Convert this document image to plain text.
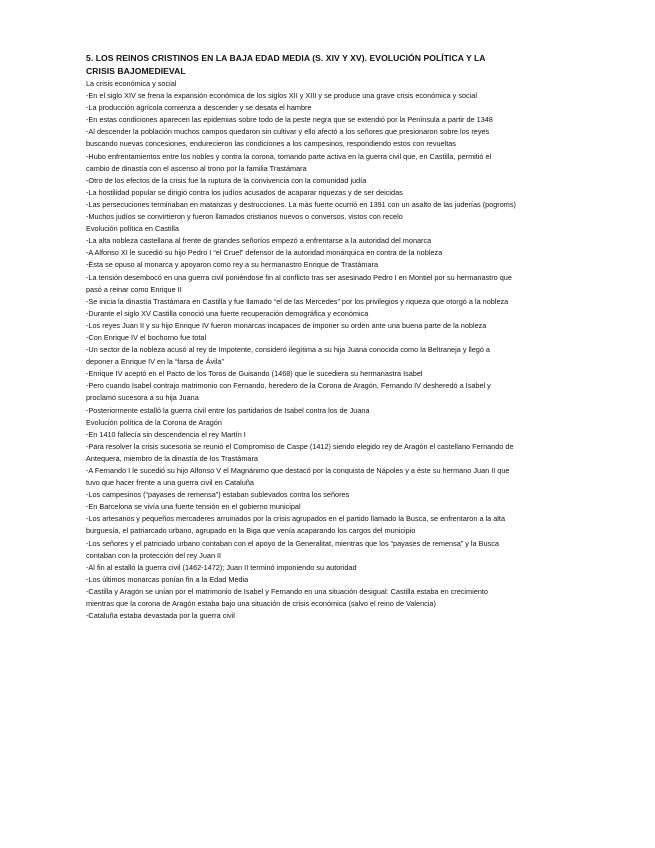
5. LOS REINOS CRISTINOS EN LA BAJA EDAD MEDIA (S. XIV Y XV). EVOLUCIÓN POLÍTICA Y LA CRISIS BAJOMEDIEVAL
La crisis económica y social
-En el siglo XIV se frena la expansión económica de los siglos XII y XIII y se produce una grave crisis económica y social
-La producción agrícola comienza a descender y se desata el hambre
-En estas condiciones aparecen las epidemias sobre todo de la peste negra que se extendió por la Península a partir de 1348
-Al descender la población muchos campos quedaron sin cultivar y ello afectó a los señores que presionaron sobre los reyes buscando nuevas concesiones, endurecieron las condiciones a los campesinos, respondiendo estos con revueltas
-Hubo enfrentamientos entre los nobles y contra la corona, tomando parte activa en la guerra civil que, en Castilla, permitió el cambio de dinastía con el ascenso al trono por la familia Trastámara
-Otro de los efectos de la crisis fue la ruptura de la convivencia con la comunidad judía
-La hostilidad popular se dirigió contra los judíos acusados de acaparar riquezas y de ser deicidas
-Las persecuciones terminaban en matanzas y destrucciones. La más fuerte ocurrió en 1391 con un asalto de las juderías (pogroms)
-Muchos judíos se convirtieron y fueron llamados cristianos nuevos o conversos, vistos con recelo
Evolución política en Castilla
-La alta nobleza castellana al frente de grandes señoríos empezó a enfrentarse a la autoridad del monarca
-A Alfonso XI le sucedió su hijo Pedro I “el Cruel” defensor de la autoridad monárquica en contra de la nobleza
-Ésta se opuso al monarca y apoyaron como rey a su hermanastro Enrique de Trastámara
-La tensión desembocó en una guerra civil poniéndose fin al conflicto tras ser asesinado Pedro I en Montiel por su hermanastro que pasó a reinar como Enrique II
-Se inicia la dinastía Trastámara en Castilla y fue llamado “el de las Mercedes” por los privilegios y riqueza que otorgó a la nobleza
-Durante el siglo XV Castilla conoció una fuerte recuperación demográfica y económica
-Los reyes Juan II y su hijo Enrique IV fueron monarcas incapaces de imponer su orden ante una buena parte de la nobleza
-Con Enrique IV el bochorno fue total
-Un sector de la nobleza acusó al rey de Impotente, consideró ilegítima a su hija Juana conocida como la Beltraneja y llegó a deponer a Enrique IV en la “farsa de Ávila”
-Enrique IV aceptó en el Pacto de los Toros de Guisando (1468) que le sucediera su hermanastra Isabel
-Pero cuando Isabel contrajo matrimonio con Fernando, heredero de la Corona de Aragón, Fernando IV desheredó a Isabel y proclamó sucesora a su hija Juana
-Posteriormente estalló la guerra civil entre los partidarios de Isabel contra los de Juana
Evolución política de la Corona de Aragón
-En 1410 fallecía sin descendencia el rey Martín I
-Para resolver la crisis sucesoria se reunió el Compromiso de Caspe (1412) siendo elegido rey de Aragón el castellano Fernando de Antequera, miembro de la dinastía de los Trastámara
-A Fernando I le sucedió su hijo Alfonso V el Magnánimo que destacó por la conquista de Nápoles y a éste su hermano Juan II que tuvo que hacer frente a una guerra civil en Cataluña
-Los campesinos (“payases de remensa”) estaban sublevados contra los señores
-En Barcelona se vivía una fuerte tensión en el gobierno municipal
-Los artesanos y pequeños mercaderes arruinados por la crisis agrupados en el partido llamado la Busca, se enfrentaron a la alta burguesía, el patriarcado urbano, agrupado en la Biga que venía acaparando los cargos del municipio
-Los señores y el patriciado urbano contaban con el apoyo de la Generalitat, mientras que los “payases de remensa” y la Busca contaban con la protección del rey Juan II
-Al fin al estalló la guerra civil (1462-1472); Juan II terminó imponiendo su autoridad
-Los últimos monarcas ponían fin a la Edad Media
-Castilla y Aragón se unían por el matrimonio de Isabel y Fernando en una situación desigual: Castilla estaba en crecimiento mientras que la corona de Aragón estaba bajo una situación de crisis económica (salvo el reino de Valencia)
-Cataluña estaba devastada por la guerra civil
